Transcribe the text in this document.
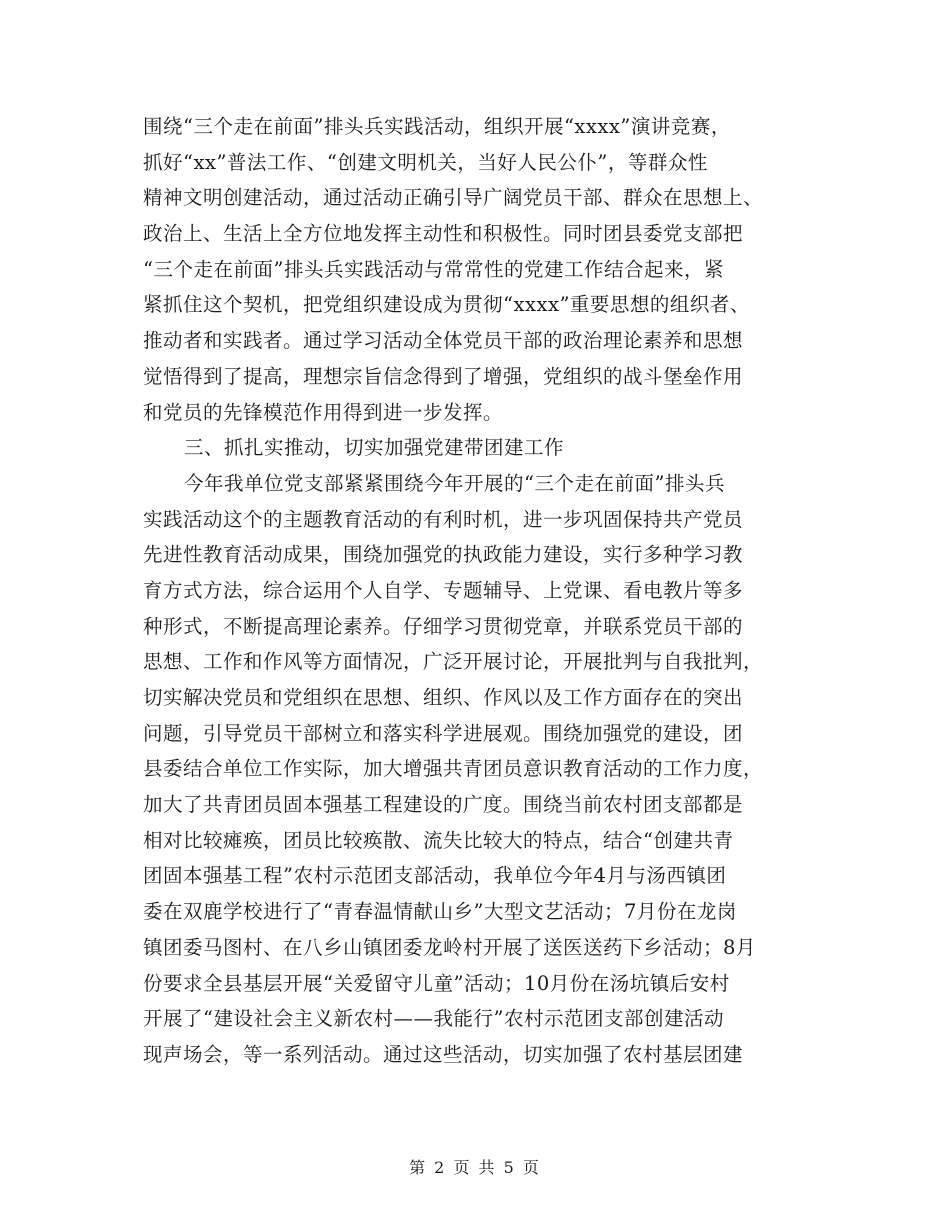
围绕“三个走在前面”排头兵实践活动，组织开展“xxxx”演讲竞赛，
抓好“xx”普法工作、“创建文明机关，当好人民公仆”，等群众性
精神文明创建活动，通过活动正确引导广阔党员干部、群众在思想上、
政治上、生活上全方位地发挥主动性和积极性。同时团县委党支部把
“三个走在前面”排头兵实践活动与常常性的党建工作结合起来，紧
紧抓住这个契机，把党组织建设成为贯彻“xxxx”重要思想的组织者、
推动者和实践者。通过学习活动全体党员干部的政治理论素养和思想
觉悟得到了提高，理想宗旨信念得到了增强，党组织的战斗堡垒作用
和党员的先锋模范作用得到进一步发挥。
三、抓扎实推动，切实加强党建带团建工作
今年我单位党支部紧紧围绕今年开展的“三个走在前面”排头兵
实践活动这个的主题教育活动的有利时机，进一步巩固保持共产党员
先进性教育活动成果，围绕加强党的执政能力建设，实行多种学习教
育方式方法，综合运用个人自学、专题辅导、上党课、看电教片等多
种形式，不断提高理论素养。仔细学习贯彻党章，并联系党员干部的
思想、工作和作风等方面情况，广泛开展讨论，开展批判与自我批判，
切实解决党员和党组织在思想、组织、作风以及工作方面存在的突出
问题，引导党员干部树立和落实科学进展观。围绕加强党的建设，团
县委结合单位工作实际，加大增强共青团员意识教育活动的工作力度，
加大了共青团员固本强基工程建设的广度。围绕当前农村团支部都是
相对比较瘫痪，团员比较痪散、流失比较大的特点，结合“创建共青
团固本强基工程”农村示范团支部活动，我单位今年4月与汤西镇团
委在双鹿学校进行了“青春温情献山乡”大型文艺活动；7月份在龙岗
镇团委马图村、在八乡山镇团委龙岭村开展了送医送药下乡活动；8月
份要求全县基层开展“关爱留守儿童”活动；10月份在汤坑镇后安村
开展了“建设社会主义新农村——我能行”农村示范团支部创建活动
现声场会，等一系列活动。通过这些活动，切实加强了农村基层团建
第 2 页 共 5 页
